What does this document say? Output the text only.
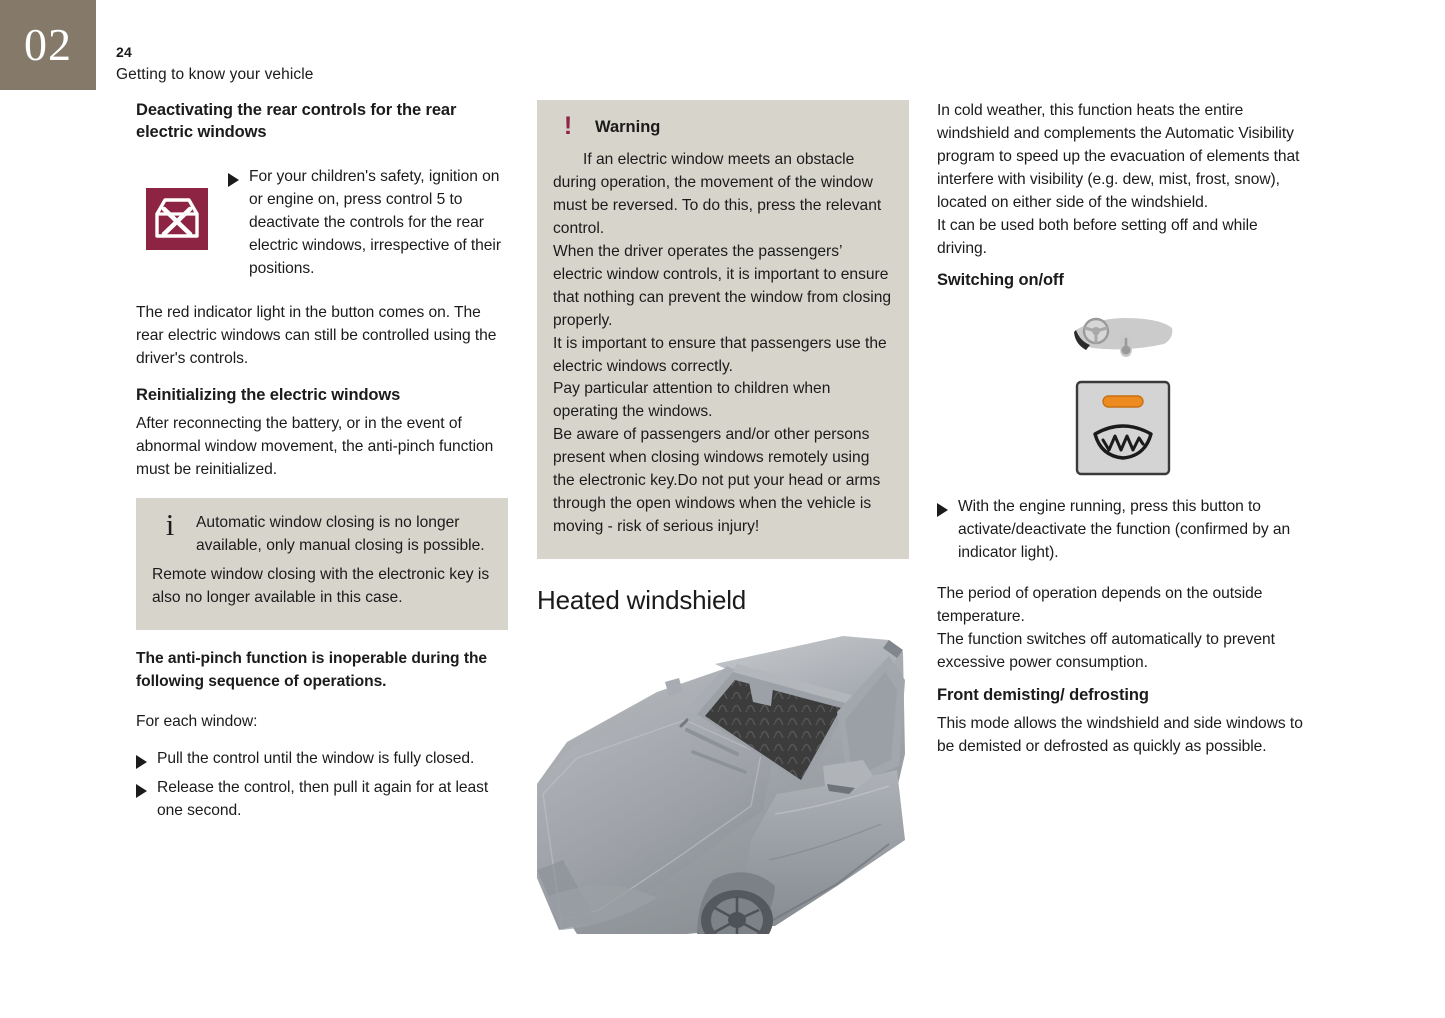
02	24
Getting to know your vehicle
Deactivating the rear controls for the rear electric windows

For your children's safety, ignition on or engine on, press control 5 to deactivate the controls for the rear electric windows, irrespective of their positions.

The red indicator light in the button comes on. The rear electric windows can still be controlled using the driver's controls.

Reinitializing the electric windows

After reconnecting the battery, or in the event of abnormal window movement, the anti-pinch function must be reinitialized.

i	Automatic window closing is no longer available, only manual closing is possible.

Remote window closing with the electronic key is also no longer available in this case.

The anti-pinch function is inoperable during the following sequence of operations.

For each window:

Pull the control until the window is fully closed.

Release the control, then pull it again for at least one second.

! Warning

If an electric window meets an obstacle during operation, the movement of the window must be reversed. To do this, press the relevant control.

When the driver operates the passengers’ electric window controls, it is important to ensure that nothing can prevent the window from closing properly.

It is important to ensure that passengers use the electric windows correctly.

Pay particular attention to children when operating the windows.

Be aware of passengers and/or other persons present when closing windows remotely using the electronic key.Do not put your head or arms through the open windows when the vehicle is moving - risk of serious injury!

Heated windshield

In cold weather, this function heats the entire windshield and complements the Automatic Visibility program to speed up the evacuation of elements that interfere with visibility (e.g. dew, mist, frost, snow), located on either side of the windshield.

It can be used both before setting off and while driving.

Switching on/off

With the engine running, press this button to activate/deactivate the function (confirmed by an indicator light).

The period of operation depends on the outside temperature.

The function switches off automatically to prevent excessive power consumption.

Front demisting/ defrosting

This mode allows the windshield and side windows to be demisted or defrosted as quickly as possible.
